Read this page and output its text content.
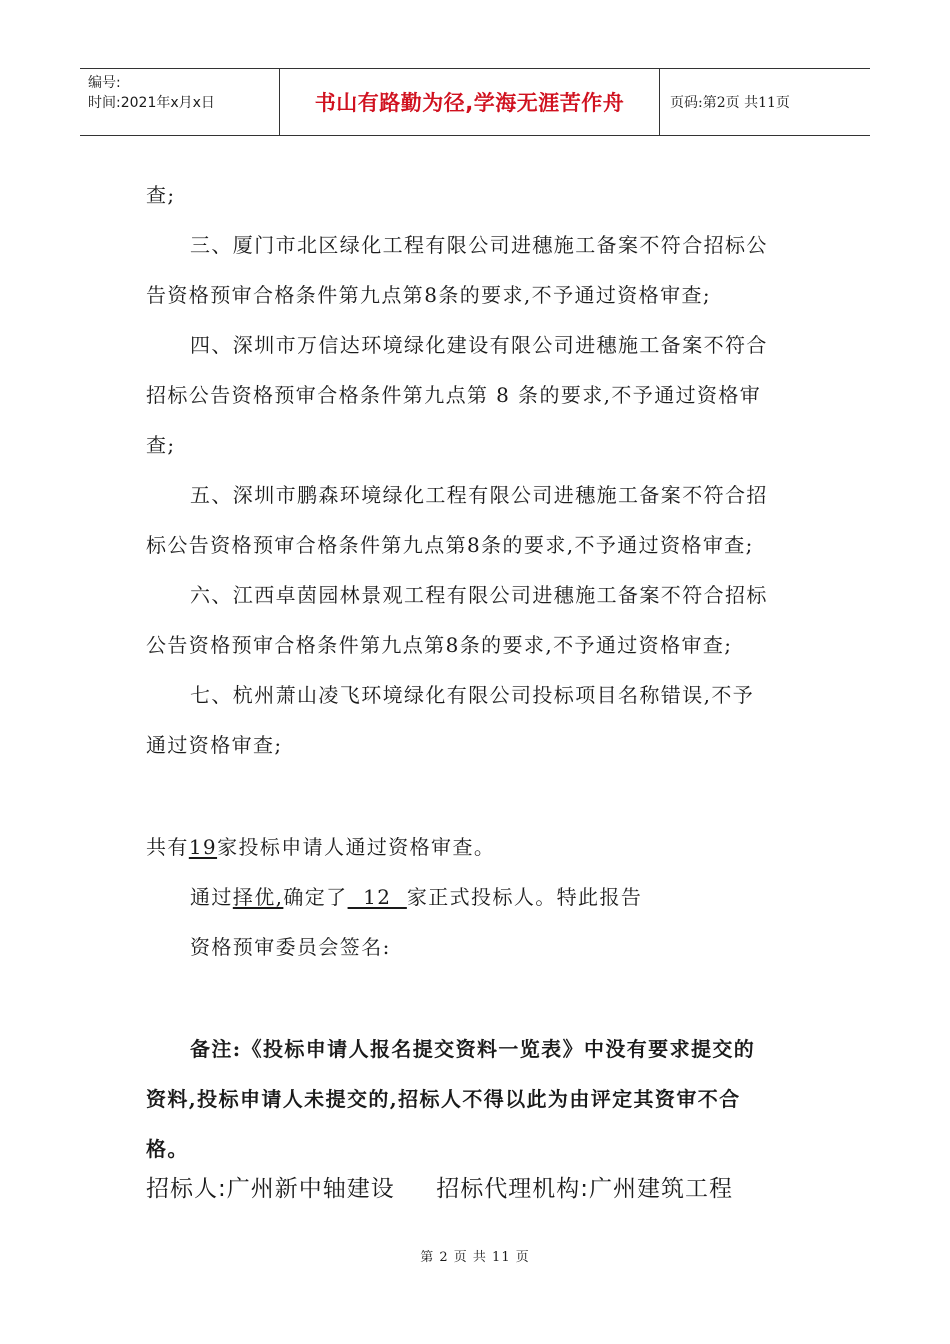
编号:
时间:2021年x月x日	书山有路勤为径,学海无涯苦作舟	页码:第2页 共11页
查;
三、厦门市北区绿化工程有限公司进穗施工备案不符合招标公
告资格预审合格条件第九点第8条的要求,不予通过资格审查;
四、深圳市万信达环境绿化建设有限公司进穗施工备案不符合
招标公告资格预审合格条件第九点第 8 条的要求,不予通过资格审
查;
五、深圳市鹏森环境绿化工程有限公司进穗施工备案不符合招
标公告资格预审合格条件第九点第8条的要求,不予通过资格审查;
六、江西卓茵园林景观工程有限公司进穗施工备案不符合招标
公告资格预审合格条件第九点第8条的要求,不予通过资格审查;
七、杭州萧山凌飞环境绿化有限公司投标项目名称错误,不予
通过资格审查;
共有19家投标申请人通过资格审查。
通过择优,确定了  12  家正式投标人。特此报告
资格预审委员会签名:
备注:《投标申请人报名提交资料一览表》中没有要求提交的
资料,投标申请人未提交的,招标人不得以此为由评定其资审不合
格。
招标人:广州新中轴建设     招标代理机构:广州建筑工程
第 2 页 共 11 页
